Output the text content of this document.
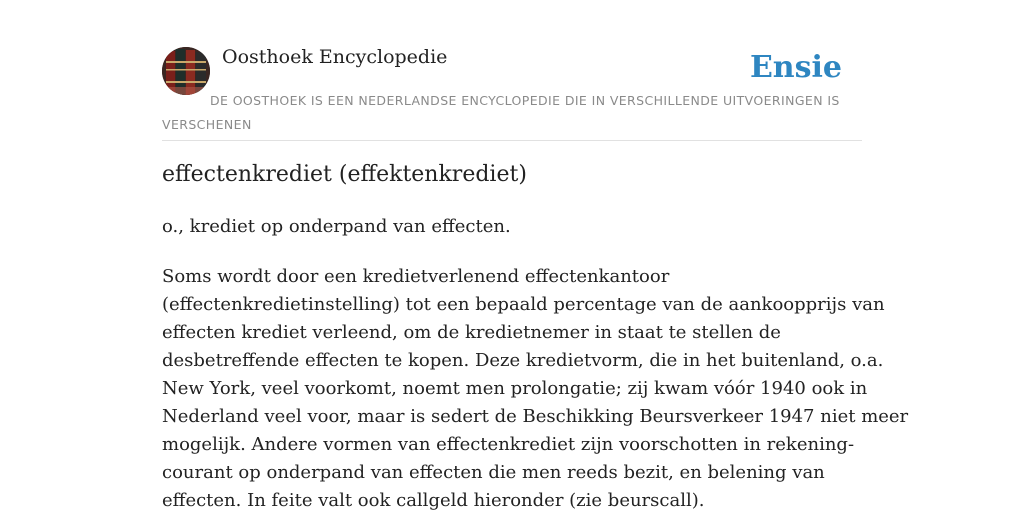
Oosthoek Encyclopedie	Ensie
DE OOSTHOEK IS EEN NEDERLANDSE ENCYCLOPEDIE DIE IN VERSCHILLENDE UITVOERINGEN IS VERSCHENEN
effectenkrediet (effektenkrediet)

o., krediet op onderpand van effecten.

Soms wordt door een kredietverlenend effectenkantoor
(effectenkredietinstelling) tot een bepaald percentage van de aankoopprijs van
effecten krediet verleend, om de kredietnemer in staat te stellen de
desbetreffende effecten te kopen. Deze kredietvorm, die in het buitenland, o.a.
New York, veel voorkomt, noemt men prolongatie; zij kwam vóór 1940 ook in
Nederland veel voor, maar is sedert de Beschikking Beursverkeer 1947 niet meer
mogelijk. Andere vormen van effectenkrediet zijn voorschotten in rekening-
courant op onderpand van effecten die men reeds bezit, en belening van
effecten. In feite valt ook callgeld hieronder (zie beurscall).
